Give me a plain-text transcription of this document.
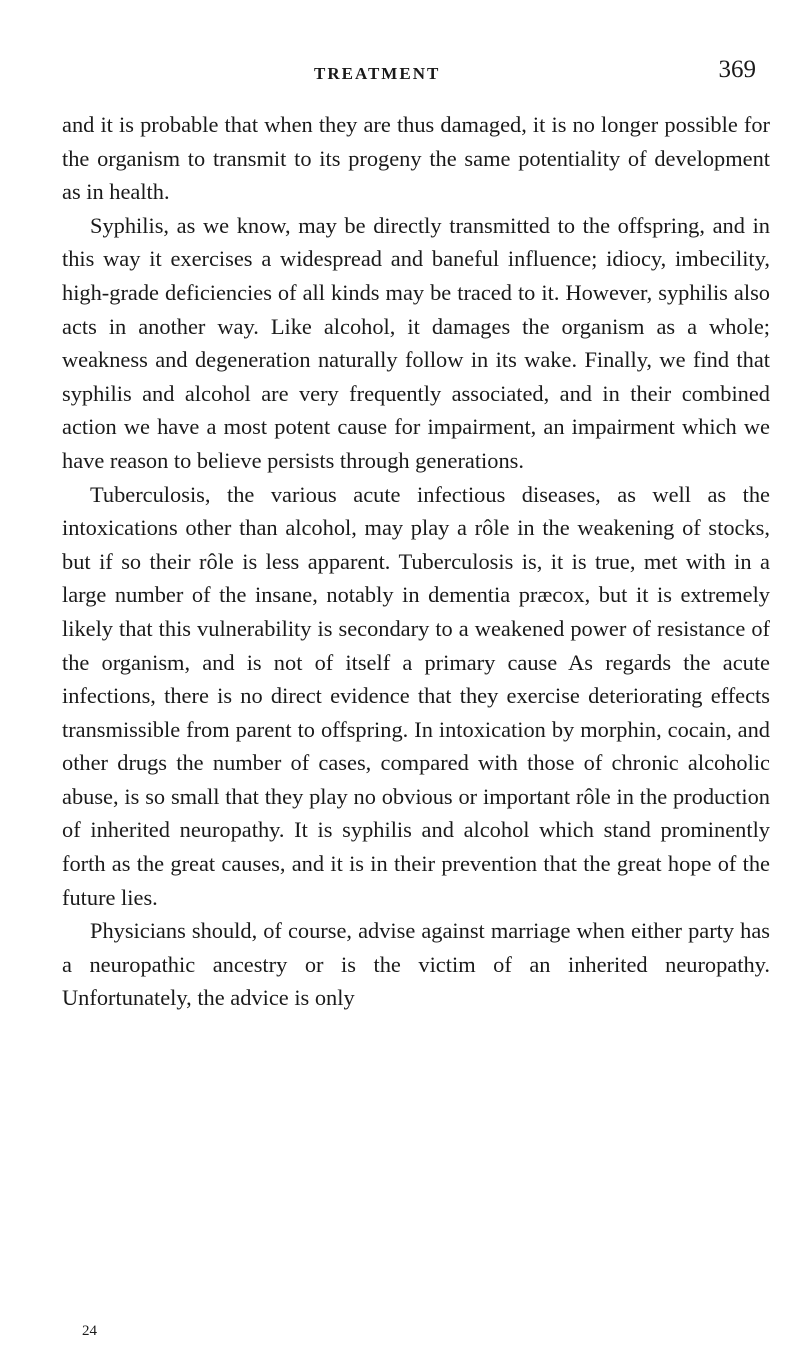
TREATMENT	369

and it is probable that when they are thus damaged, it is no longer possible for the organism to transmit to its progeny the same potentiality of development as in health.

Syphilis, as we know, may be directly transmitted to the offspring, and in this way it exercises a widespread and baneful influence; idiocy, imbecility, high-grade deficiencies of all kinds may be traced to it. However, syphilis also acts in another way. Like alcohol, it damages the organism as a whole; weakness and degeneration naturally follow in its wake. Finally, we find that syphilis and alcohol are very frequently associated, and in their combined action we have a most potent cause for impairment, an impairment which we have reason to believe persists through generations.

Tuberculosis, the various acute infectious diseases, as well as the intoxications other than alcohol, may play a rôle in the weakening of stocks, but if so their rôle is less apparent. Tuberculosis is, it is true, met with in a large number of the insane, notably in dementia præcox, but it is extremely likely that this vulnerability is secondary to a weakened power of resistance of the organism, and is not of itself a primary cause As regards the acute infections, there is no direct evidence that they exercise deteriorating effects transmissible from parent to offspring. In intoxication by morphin, cocain, and other drugs the number of cases, compared with those of chronic alcoholic abuse, is so small that they play no obvious or important rôle in the production of inherited neuropathy. It is syphilis and alcohol which stand prominently forth as the great causes, and it is in their prevention that the great hope of the future lies.

Physicians should, of course, advise against marriage when either party has a neuropathic ancestry or is the victim of an inherited neuropathy. Unfortunately, the advice is only

24
